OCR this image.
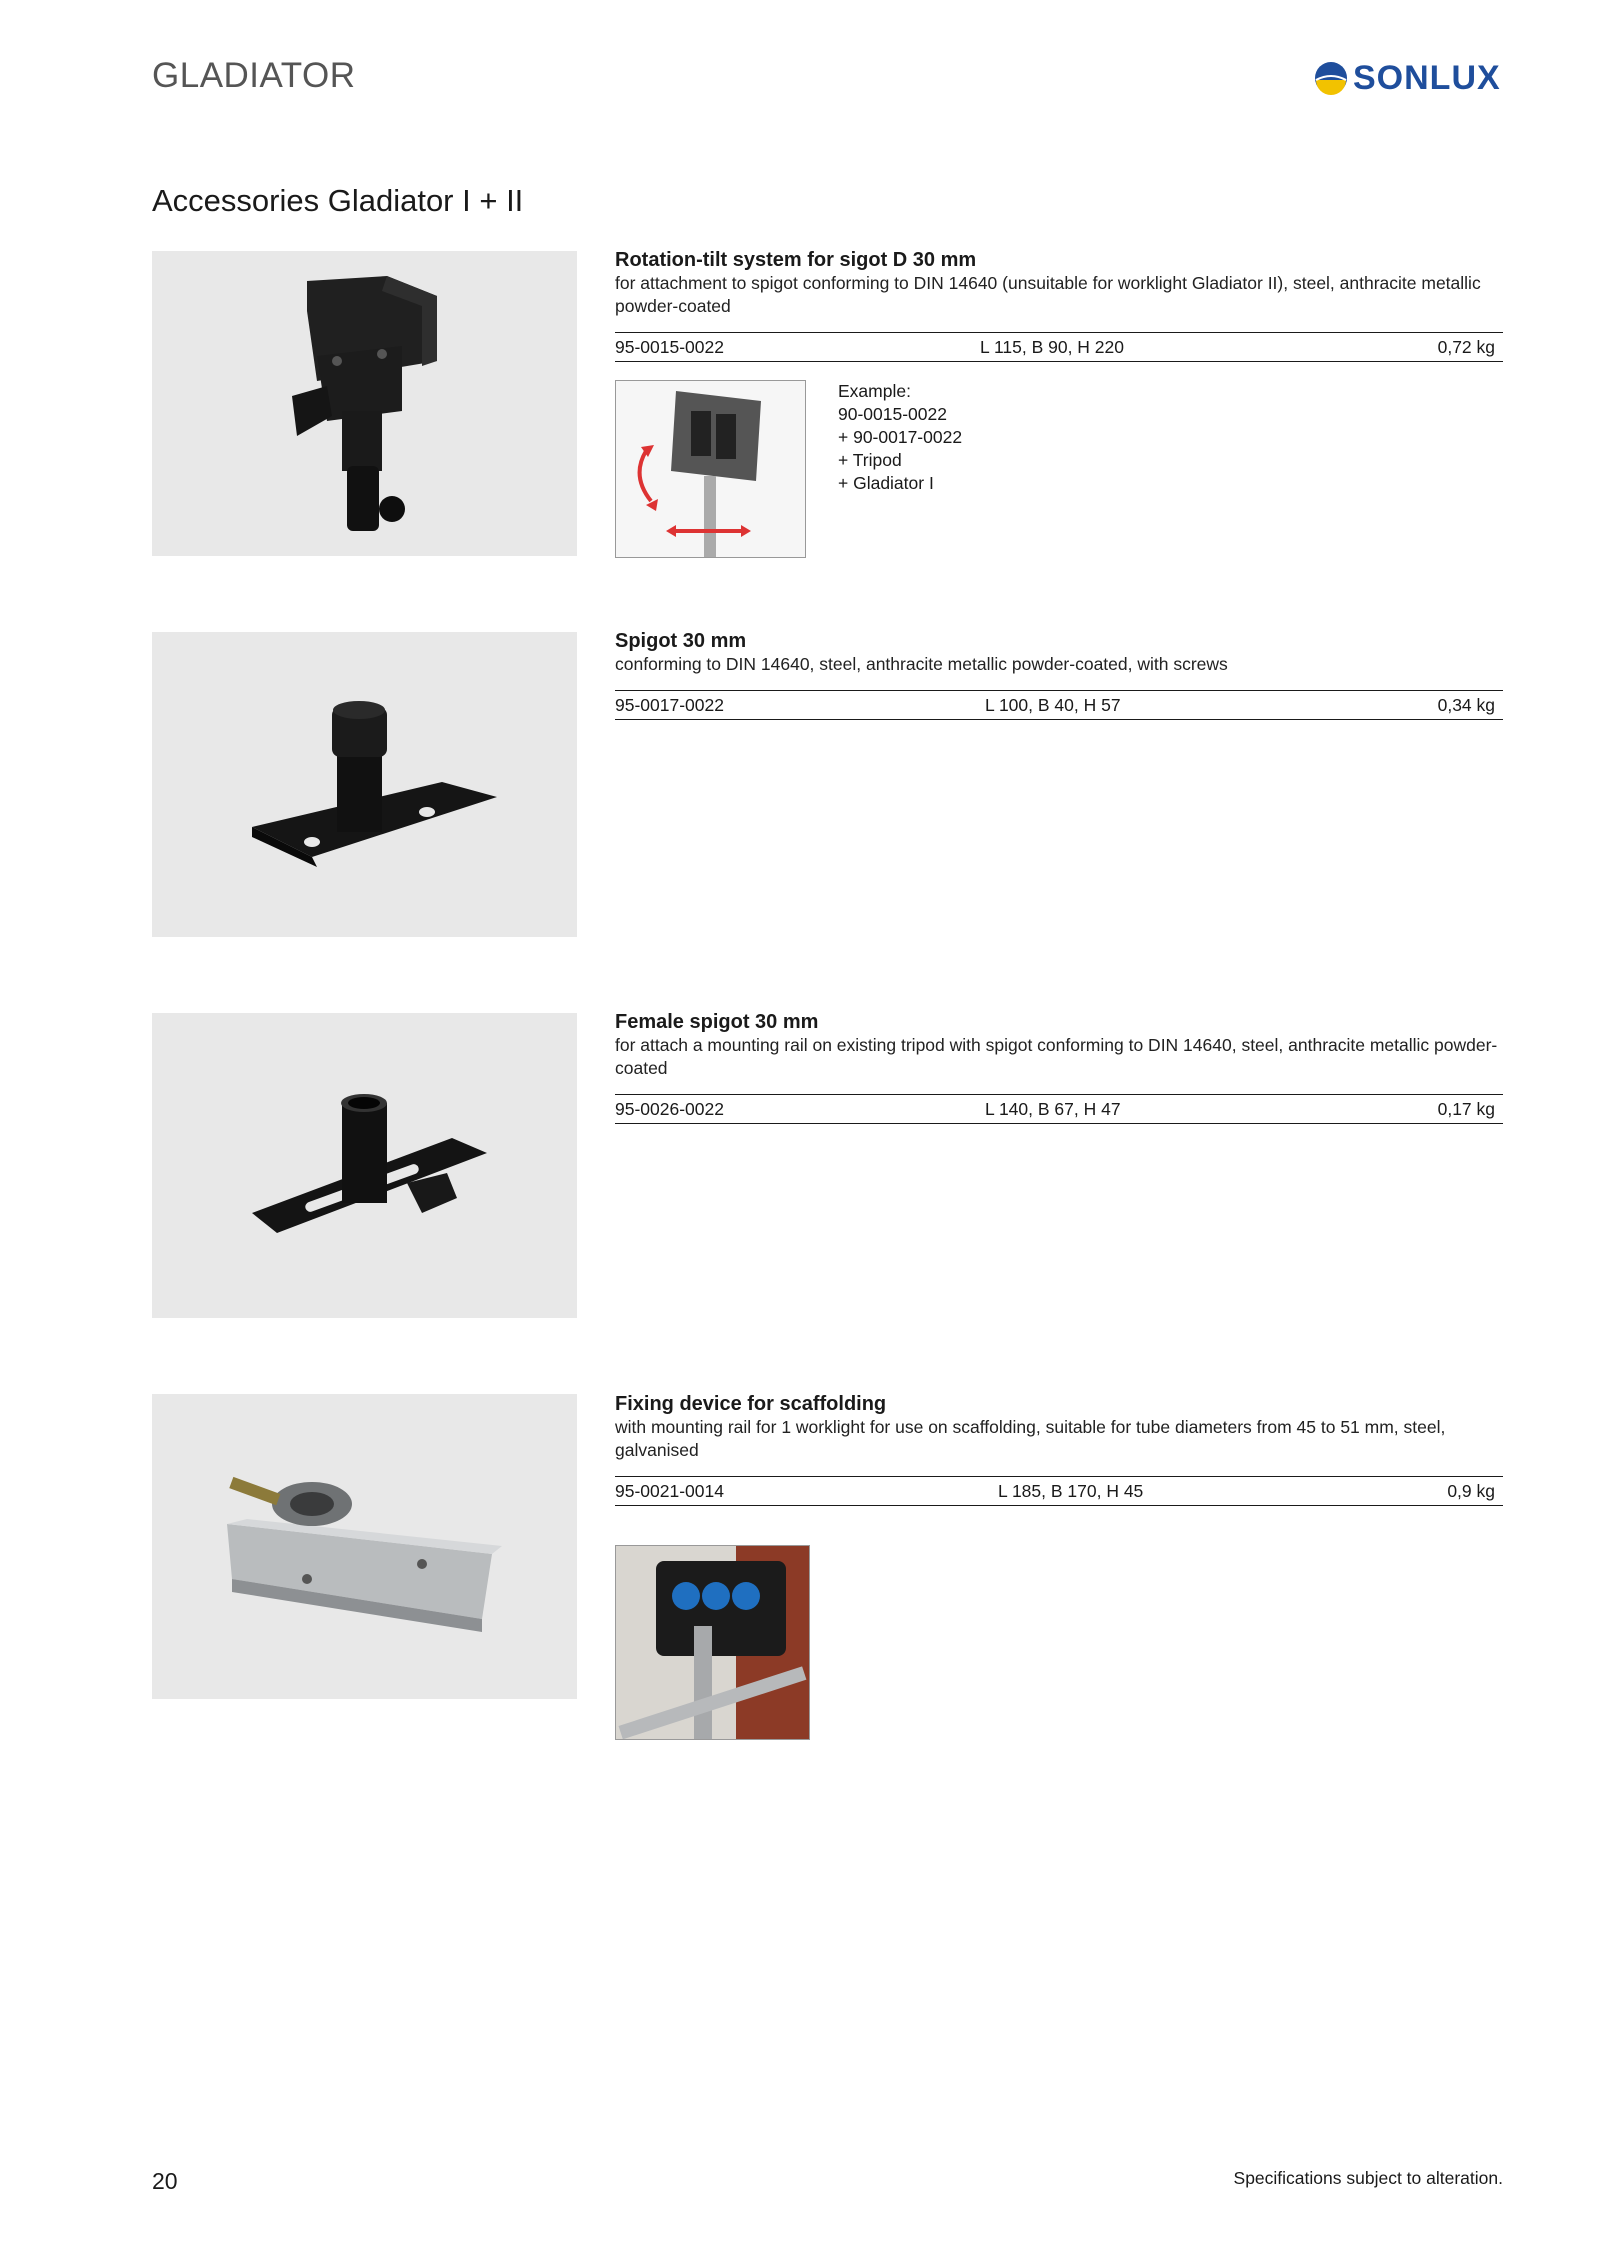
GLADIATOR	SONLUX
Accessories Gladiator I + II

Rotation-tilt system for sigot D 30 mm

for attachment to spigot conforming to DIN 14640 (unsuitable for worklight Gladiator II), steel, anthracite metallic powder-coated

95-0015-0022	L 115, B 90, H 220	0,72 kg
Example:
90-0015-0022
+ 90-0017-0022
+ Tripod
+ Gladiator I

Spigot 30 mm

conforming to DIN 14640, steel, anthracite metallic powder-coated, with screws

95-0017-0022	L 100, B 40, H 57	0,34 kg

Female spigot 30 mm

for attach a mounting rail on existing tripod with spigot conforming to DIN 14640, steel, anthracite metallic powder-coated

95-0026-0022	L 140, B 67, H 47	0,17 kg

Fixing device for scaffolding

with mounting rail for 1 worklight for use on scaffolding, suitable for tube diameters from 45 to 51 mm, steel, galvanised

95-0021-0014	L 185, B 170, H 45	0,9 kg
20	Specifications subject to alteration.
